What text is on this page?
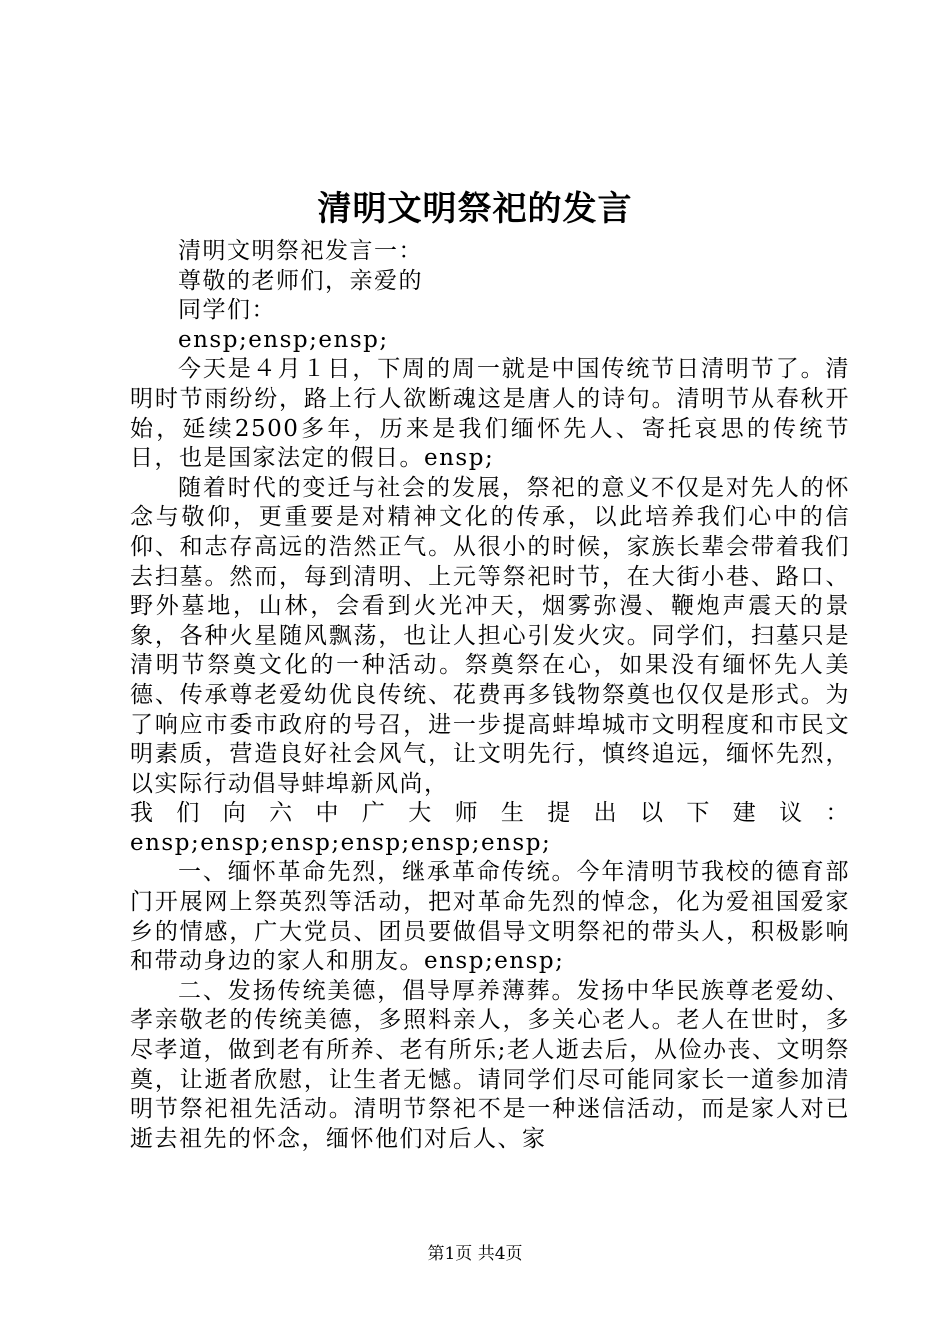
清明文明祭祀的发言

清明文明祭祀发言一：

尊敬的老师们，亲爱的

同学们：

ensp;ensp;ensp;

今天是４月１日，下周的周一就是中国传统节日清明节了。清明时节雨纷纷，路上行人欲断魂这是唐人的诗句。清明节从春秋开始，延续2500多年，历来是我们缅怀先人、寄托哀思的传统节日，也是国家法定的假日。ensp;

随着时代的变迁与社会的发展，祭祀的意义不仅是对先人的怀念与敬仰，更重要是对精神文化的传承，以此培养我们心中的信仰、和志存高远的浩然正气。从很小的时候，家族长辈会带着我们去扫墓。然而，每到清明、上元等祭祀时节，在大街小巷、路口、野外墓地，山林，会看到火光冲天，烟雾弥漫、鞭炮声震天的景象，各种火星随风飘荡，也让人担心引发火灾。同学们，扫墓只是清明节祭奠文化的一种活动。祭奠祭在心，如果没有缅怀先人美德、传承尊老爱幼优良传统、花费再多钱物祭奠也仅仅是形式。为了响应市委市政府的号召，进一步提高蚌埠城市文明程度和市民文明素质，营造良好社会风气，让文明先行，慎终追远，缅怀先烈，以实际行动倡导蚌埠新风尚，

我们向六中广大师生提出以下建议：

ensp;ensp;ensp;ensp;ensp;ensp;

一、缅怀革命先烈，继承革命传统。今年清明节我校的德育部门开展网上祭英烈等活动，把对革命先烈的悼念，化为爱祖国爱家乡的情感，广大党员、团员要做倡导文明祭祀的带头人，积极影响和带动身边的家人和朋友。ensp;ensp;

二、发扬传统美德，倡导厚养薄葬。发扬中华民族尊老爱幼、孝亲敬老的传统美德，多照料亲人，多关心老人。老人在世时，多尽孝道，做到老有所养、老有所乐;老人逝去后，从俭办丧、文明祭奠，让逝者欣慰，让生者无憾。请同学们尽可能同家长一道参加清明节祭祀祖先活动。清明节祭祀不是一种迷信活动，而是家人对已逝去祖先的怀念，缅怀他们对后人、家

第1页 共4页
